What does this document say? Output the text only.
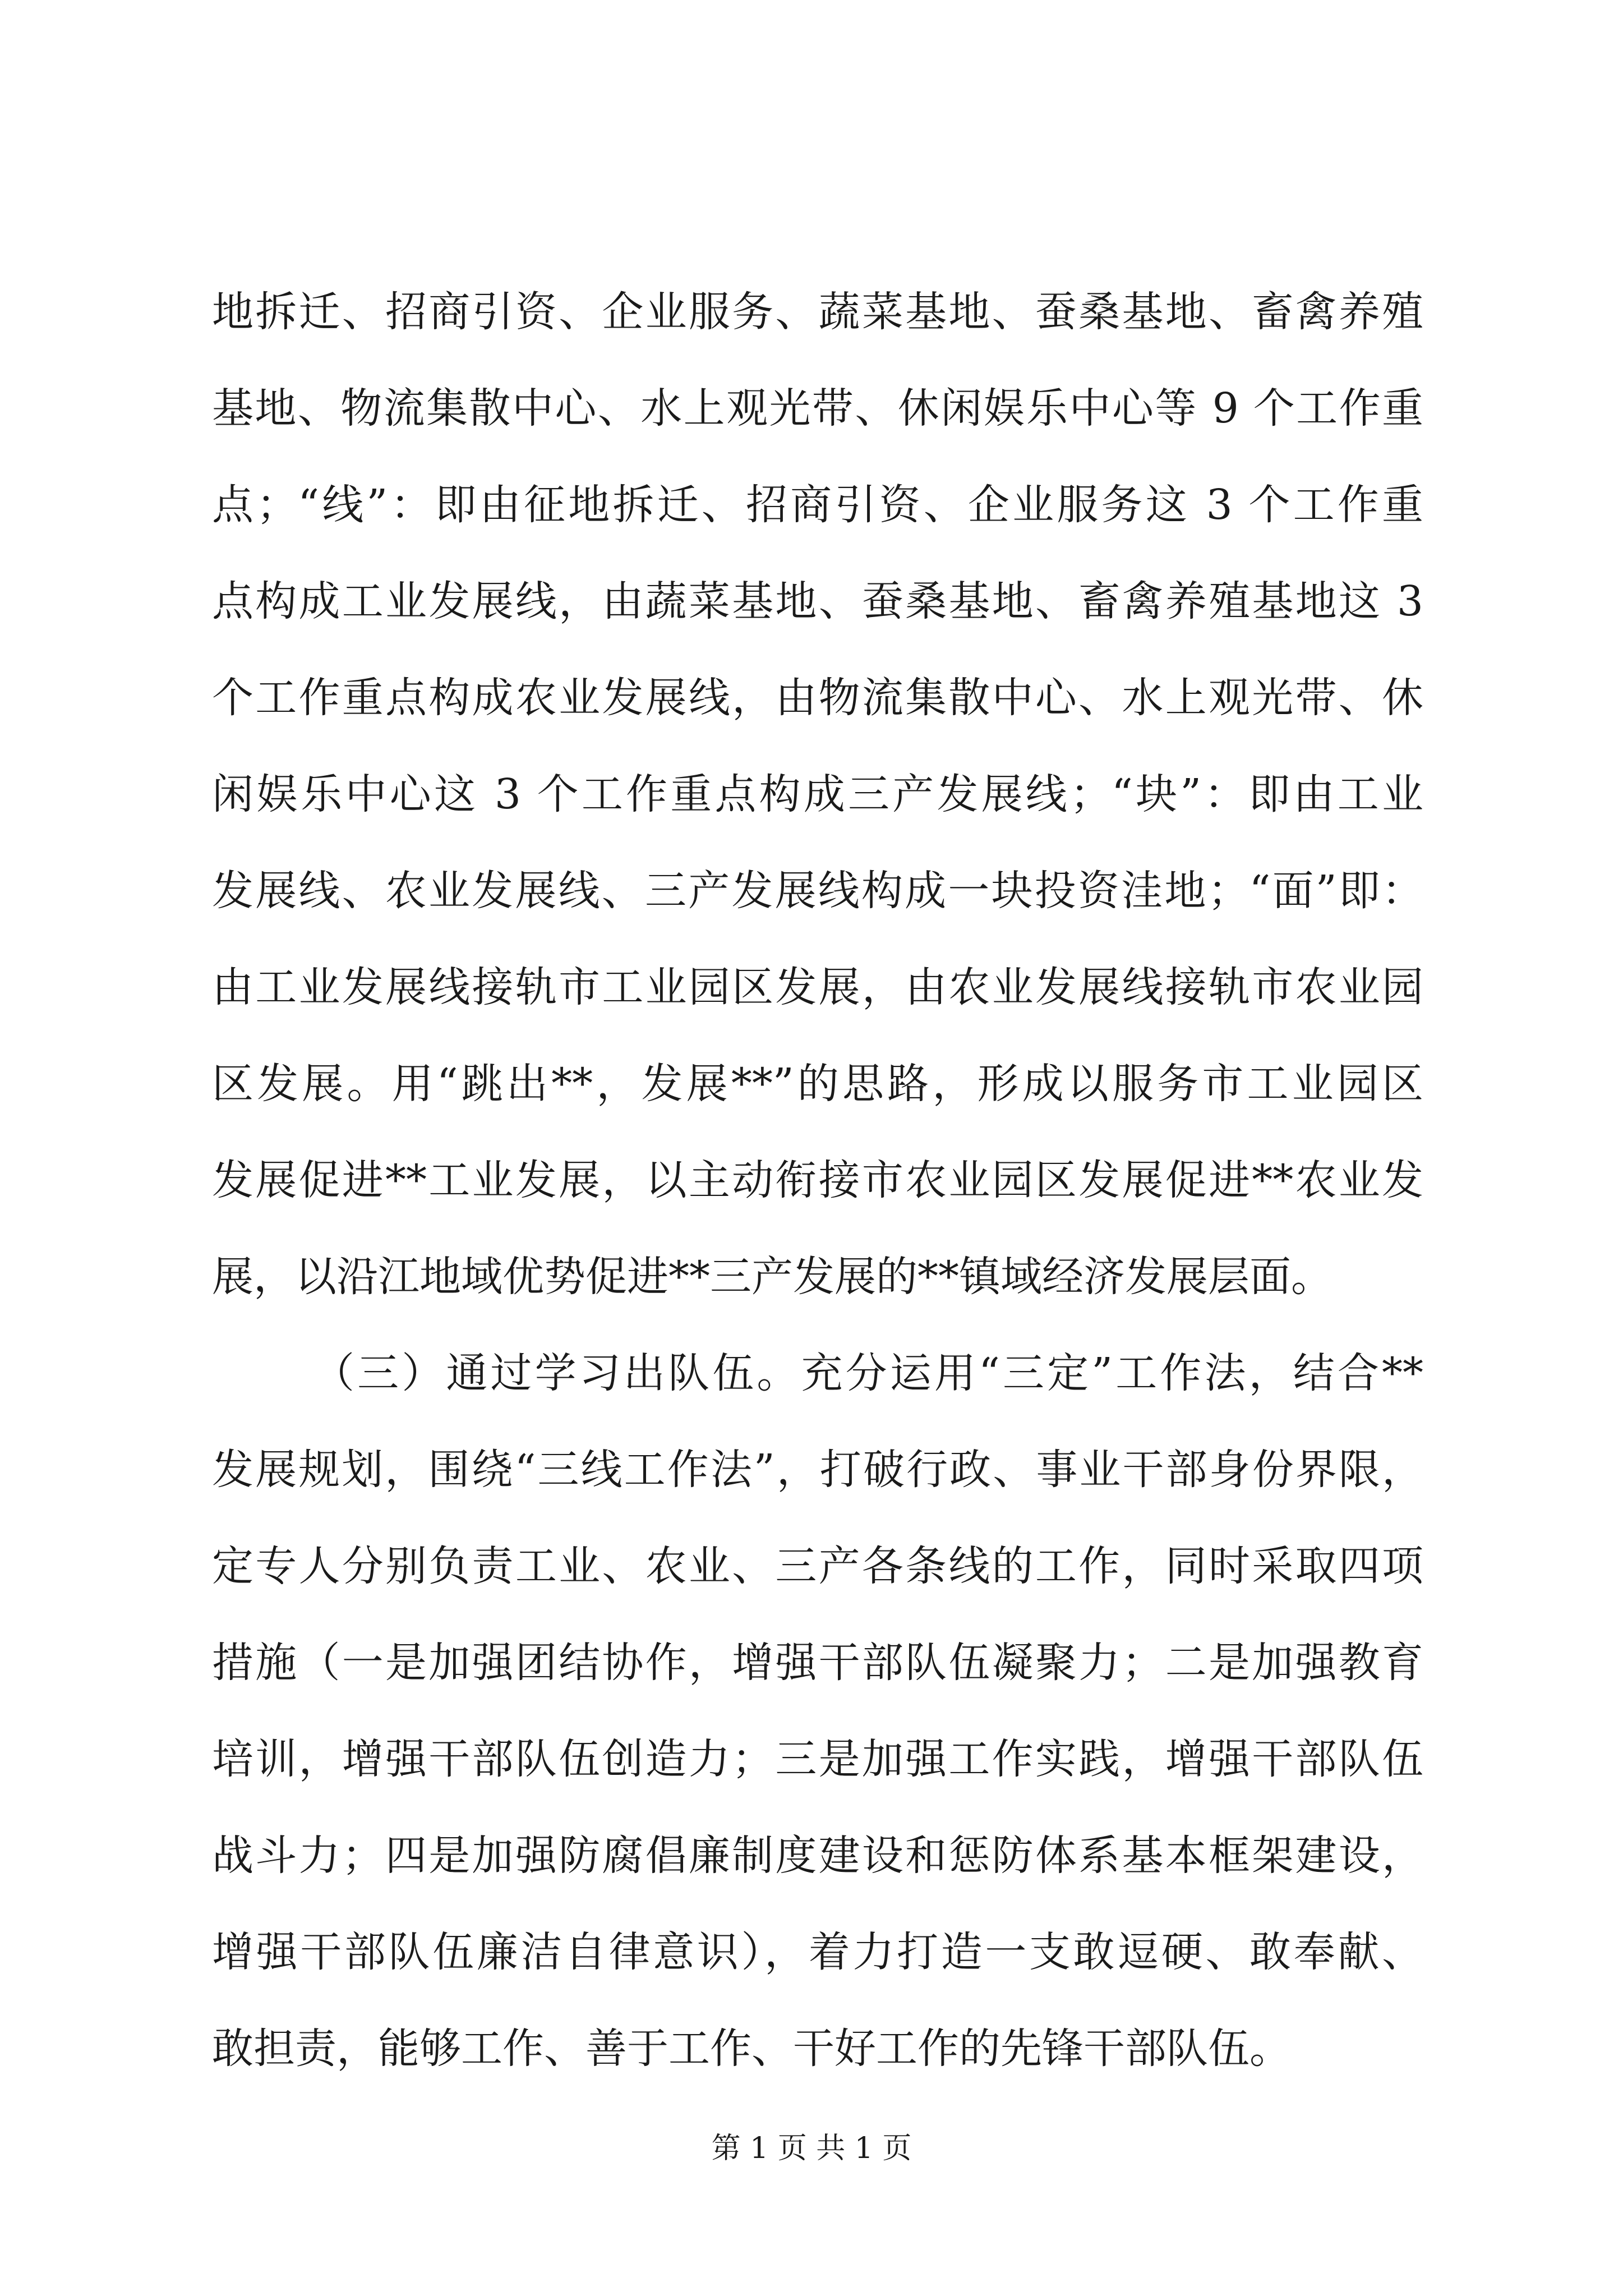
地拆迁、招商引资、企业服务、蔬菜基地、蚕桑基地、畜禽养殖
基地、物流集散中心、水上观光带、休闲娱乐中心等 9 个工作重
点；“线”：即由征地拆迁、招商引资、企业服务这 3 个工作重
点构成工业发展线，由蔬菜基地、蚕桑基地、畜禽养殖基地这 3
个工作重点构成农业发展线，由物流集散中心、水上观光带、休
闲娱乐中心这 3 个工作重点构成三产发展线；“块”：即由工业
发展线、农业发展线、三产发展线构成一块投资洼地；“面”即：
由工业发展线接轨市工业园区发展，由农业发展线接轨市农业园
区发展。用“跳出**，发展**”的思路，形成以服务市工业园区
发展促进**工业发展，以主动衔接市农业园区发展促进**农业发
展，以沿江地域优势促进**三产发展的**镇域经济发展层面。
（三）通过学习出队伍。充分运用“三定”工作法，结合**
发展规划，围绕“三线工作法”，打破行政、事业干部身份界限，
定专人分别负责工业、农业、三产各条线的工作，同时采取四项
措施（一是加强团结协作，增强干部队伍凝聚力；二是加强教育
培训，增强干部队伍创造力；三是加强工作实践，增强干部队伍
战斗力；四是加强防腐倡廉制度建设和惩防体系基本框架建设，
增强干部队伍廉洁自律意识），着力打造一支敢逗硬、敢奉献、
敢担责，能够工作、善于工作、干好工作的先锋干部队伍。
第 1 页 共 1 页
